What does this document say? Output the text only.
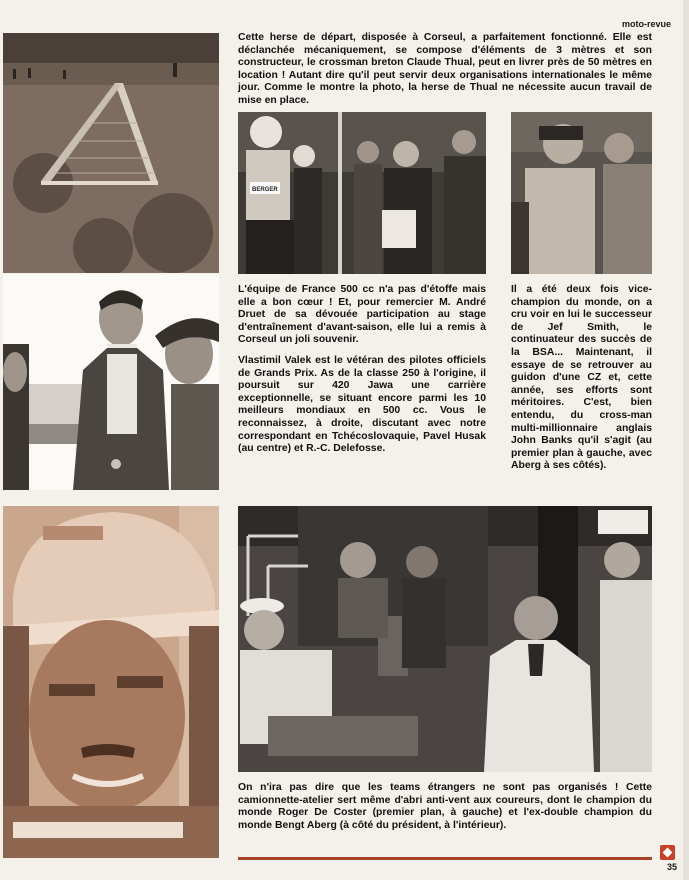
moto-revue
Cette herse de départ, disposée à Corseul, a parfaitement fonctionné. Elle est déclanchée mécaniquement, se compose d'éléments de 3 mètres et son constructeur, le crossman breton Claude Thual, peut en livrer près de 50 mètres en location ! Autant dire qu'il peut servir deux organisations internationales le même jour. Comme le montre la photo, la herse de Thual ne nécessite aucun travail de mise en place.
BERGER

L'équipe de France 500 cc n'a pas d'étoffe mais elle a bon cœur ! Et, pour remercier M. André Druet de sa dévouée participation au stage d'entraînement d'avant-saison, elle lui a remis à Corseul un joli souvenir.

Vlastimil Valek est le vétéran des pilotes officiels de Grands Prix. As de la classe 250 à l'origine, il poursuit sur 420 Jawa une carrière exceptionnelle, se situant encore parmi les 10 meilleurs mondiaux en 500 cc. Vous le reconnaissez, à droite, discutant avec notre correspondant en Tchécoslovaquie, Pavel Husak (au centre) et R.-C. Delefosse.

Il a été deux fois vice-champion du monde, on a cru voir en lui le successeur de Jef Smith, le continuateur des succès de la BSA... Maintenant, il essaye de se retrouver au guidon d'une CZ et, cette année, ses efforts sont méritoires. C'est, bien entendu, du cross-man multi-millionnaire anglais John Banks qu'il s'agit (au premier plan à gauche, avec Aberg à ses côtés).
On n'ira pas dire que les teams étrangers ne sont pas organisés ! Cette camionnette-atelier sert même d'abri anti-vent aux coureurs, dont le champion du monde Roger De Coster (premier plan, à gauche) et l'ex-double champion du monde Bengt Aberg (à côté du président, à l'intérieur).
35
